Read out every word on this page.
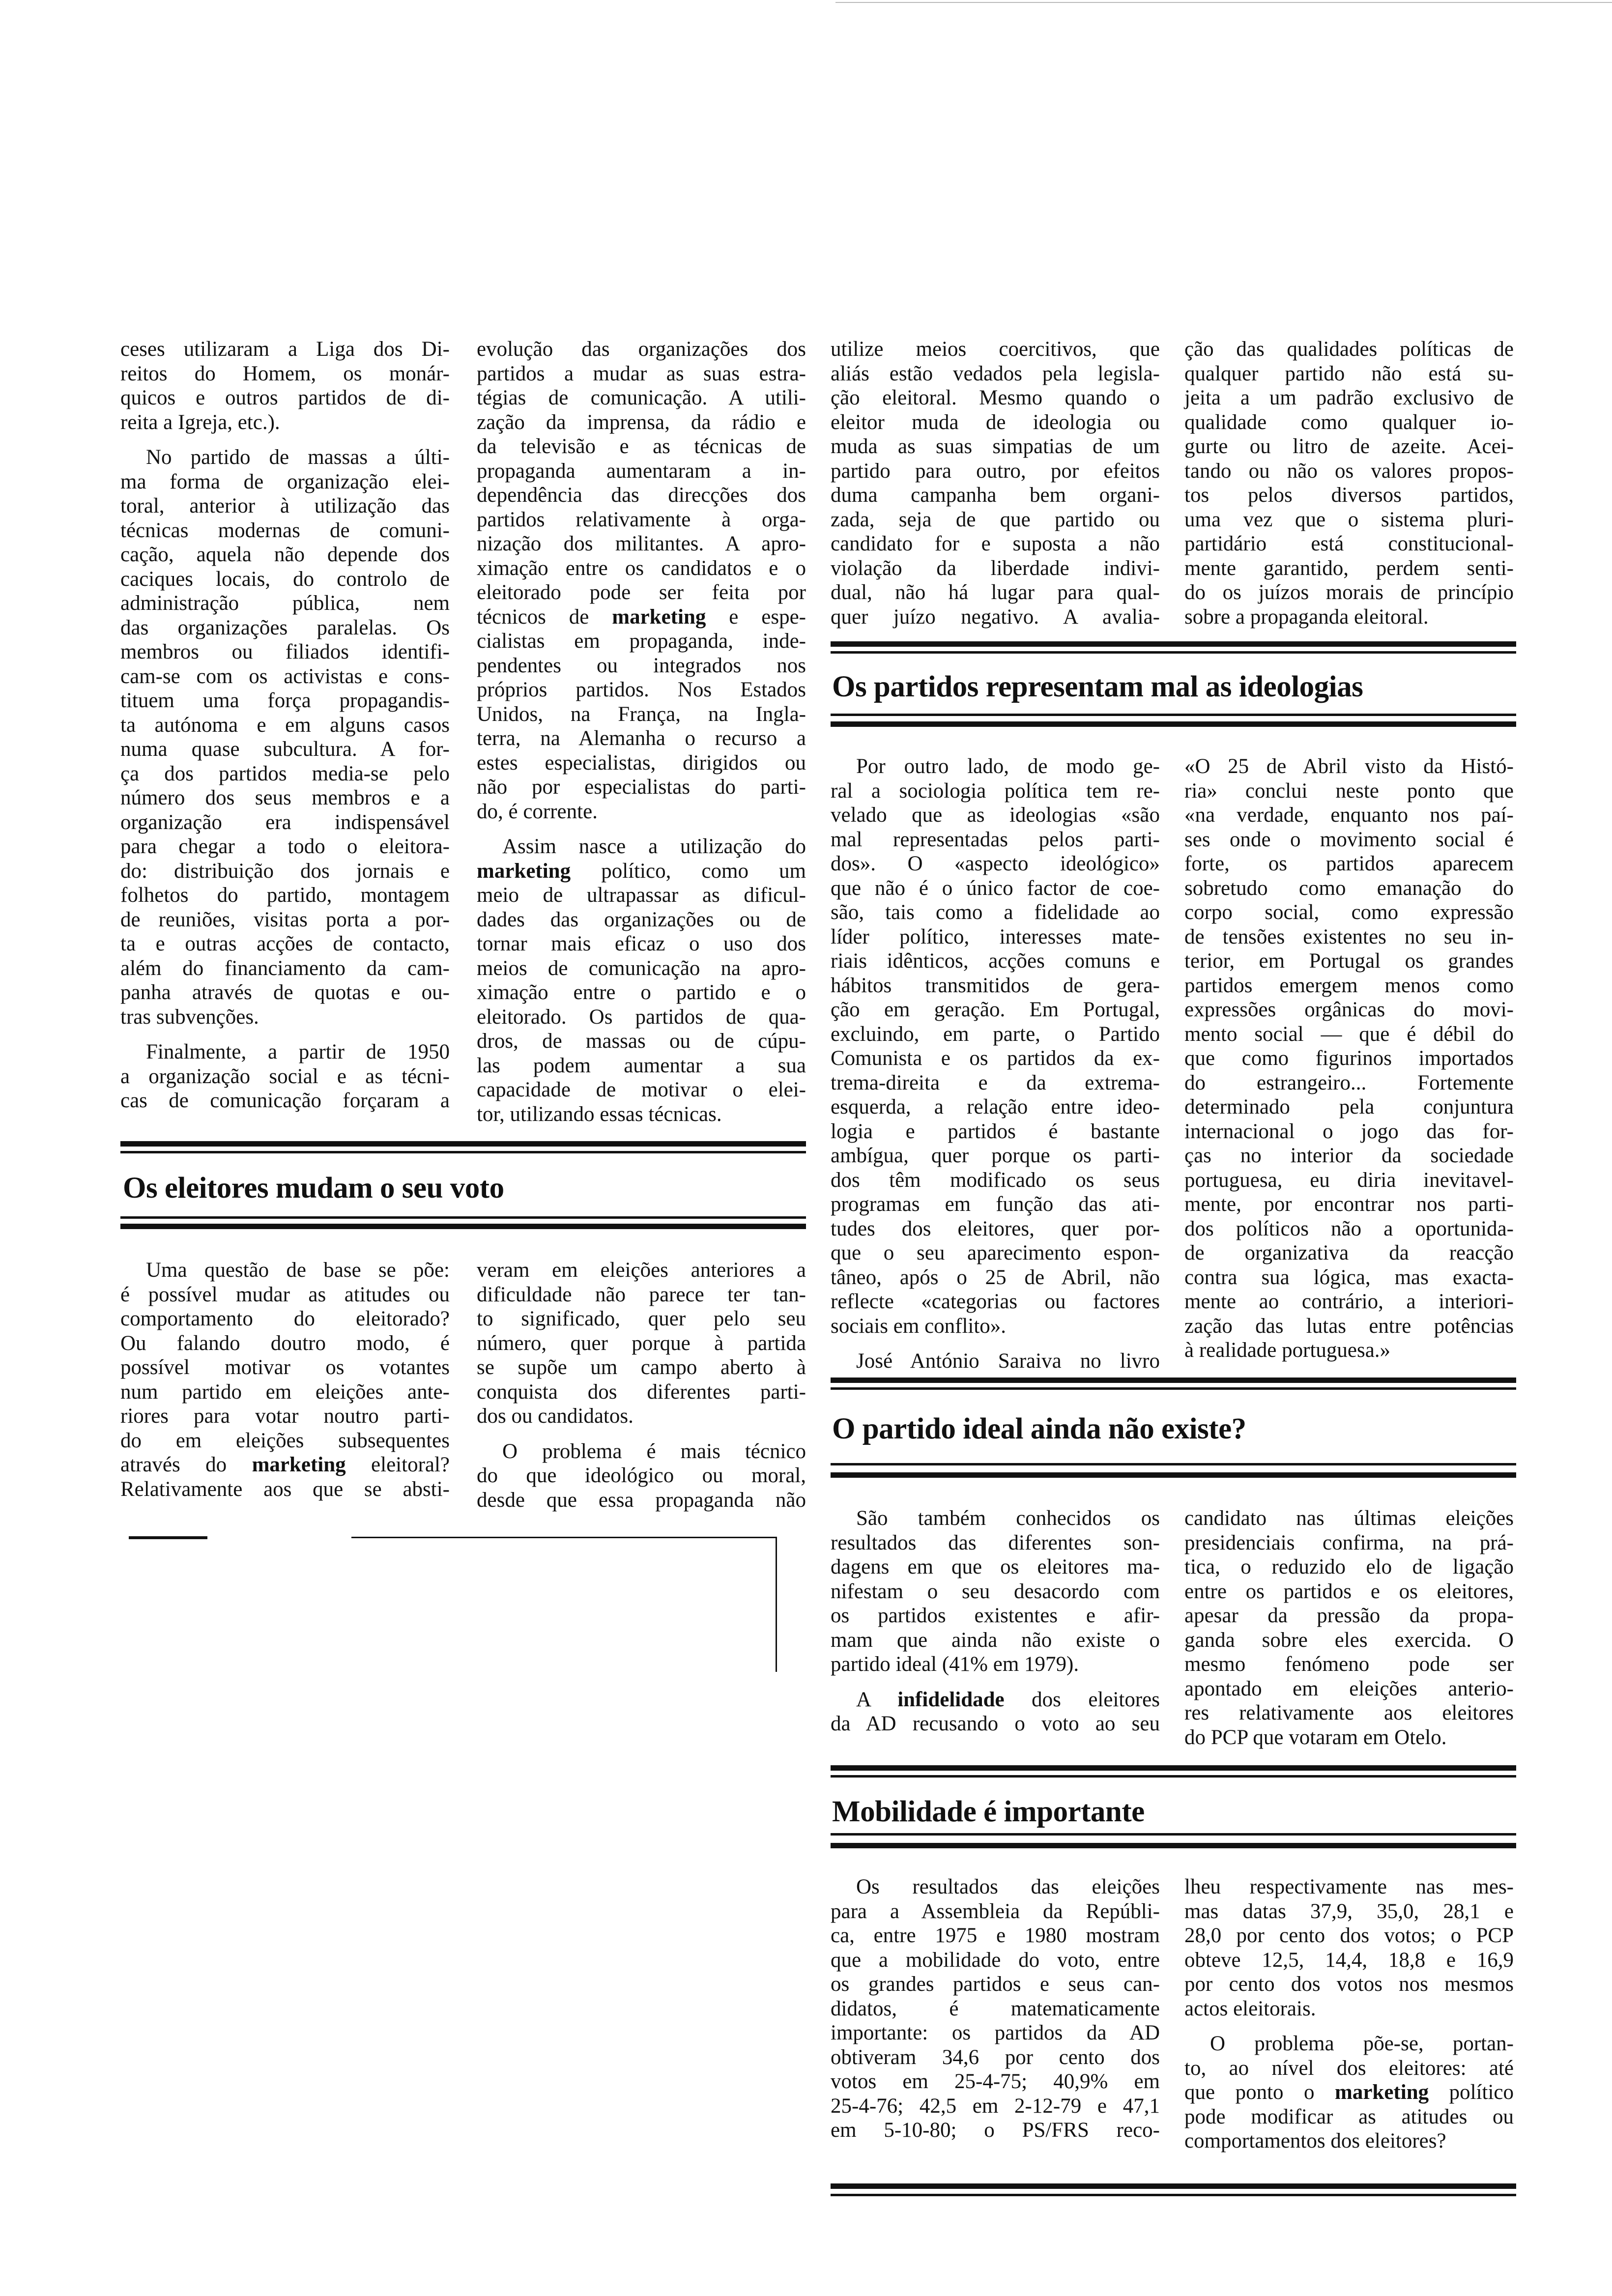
ceses utilizaram a Liga dos Di-
reitos do Homem, os monár-
quicos e outros partidos de di-
reita a Igreja, etc.).
No partido de massas a últi-
ma forma de organização elei-
toral, anterior à utilização das
técnicas modernas de comuni-
cação, aquela não depende dos
caciques locais, do controlo de
administração pública, nem
das organizações paralelas. Os
membros ou filiados identifi-
cam-se com os activistas e cons-
tituem uma força propagandis-
ta autónoma e em alguns casos
numa quase subcultura. A for-
ça dos partidos media-se pelo
número dos seus membros e a
organização era indispensável
para chegar a todo o eleitora-
do: distribuição dos jornais e
folhetos do partido, montagem
de reuniões, visitas porta a por-
ta e outras acções de contacto,
além do financiamento da cam-
panha através de quotas e ou-
tras subvenções.
Finalmente, a partir de 1950
a organização social e as técni-
cas de comunicação forçaram a
evolução das organizações dos
partidos a mudar as suas estra-
tégias de comunicação. A utili-
zação da imprensa, da rádio e
da televisão e as técnicas de
propaganda aumentaram a in-
dependência das direcções dos
partidos relativamente à orga-
nização dos militantes. A apro-
ximação entre os candidatos e o
eleitorado pode ser feita por
técnicos de marketing e espe-
cialistas em propaganda, inde-
pendentes ou integrados nos
próprios partidos. Nos Estados
Unidos, na França, na Ingla-
terra, na Alemanha o recurso a
estes especialistas, dirigidos ou
não por especialistas do parti-
do, é corrente.
Assim nasce a utilização do
marketing político, como um
meio de ultrapassar as dificul-
dades das organizações ou de
tornar mais eficaz o uso dos
meios de comunicação na apro-
ximação entre o partido e o
eleitorado. Os partidos de qua-
dros, de massas ou de cúpu-
las podem aumentar a sua
capacidade de motivar o elei-
tor, utilizando essas técnicas.
utilize meios coercitivos, que
aliás estão vedados pela legisla-
ção eleitoral. Mesmo quando o
eleitor muda de ideologia ou
muda as suas simpatias de um
partido para outro, por efeitos
duma campanha bem organi-
zada, seja de que partido ou
candidato for e suposta a não
violação da liberdade indivi-
dual, não há lugar para qual-
quer juízo negativo. A avalia-
ção das qualidades políticas de
qualquer partido não está su-
jeita a um padrão exclusivo de
qualidade como qualquer io-
gurte ou litro de azeite. Acei-
tando ou não os valores propos-
tos pelos diversos partidos,
uma vez que o sistema pluri-
partidário está constitucional-
mente garantido, perdem senti-
do os juízos morais de princípio
sobre a propaganda eleitoral.
Os eleitores mudam o seu voto
Uma questão de base se põe:
é possível mudar as atitudes ou
comportamento do eleitorado?
Ou falando doutro modo, é
possível motivar os votantes
num partido em eleições ante-
riores para votar noutro parti-
do em eleições subsequentes
através do marketing eleitoral?
Relativamente aos que se absti-
veram em eleições anteriores a
dificuldade não parece ter tan-
to significado, quer pelo seu
número, quer porque à partida
se supõe um campo aberto à
conquista dos diferentes parti-
dos ou candidatos.
O problema é mais técnico
do que ideológico ou moral,
desde que essa propaganda não
Os partidos representam mal as ideologias
Por outro lado, de modo ge-
ral a sociologia política tem re-
velado que as ideologias «são
mal representadas pelos parti-
dos». O «aspecto ideológico»
que não é o único factor de coe-
são, tais como a fidelidade ao
líder político, interesses mate-
riais idênticos, acções comuns e
hábitos transmitidos de gera-
ção em geração. Em Portugal,
excluindo, em parte, o Partido
Comunista e os partidos da ex-
trema-direita e da extrema-
esquerda, a relação entre ideo-
logia e partidos é bastante
ambígua, quer porque os parti-
dos têm modificado os seus
programas em função das ati-
tudes dos eleitores, quer por-
que o seu aparecimento espon-
tâneo, após o 25 de Abril, não
reflecte «categorias ou factores
sociais em conflito».
José António Saraiva no livro
«O 25 de Abril visto da Histó-
ria» conclui neste ponto que
«na verdade, enquanto nos paí-
ses onde o movimento social é
forte, os partidos aparecem
sobretudo como emanação do
corpo social, como expressão
de tensões existentes no seu in-
terior, em Portugal os grandes
partidos emergem menos como
expressões orgânicas do movi-
mento social — que é débil do
que como figurinos importados
do estrangeiro... Fortemente
determinado pela conjuntura
internacional o jogo das for-
ças no interior da sociedade
portuguesa, eu diria inevitavel-
mente, por encontrar nos parti-
dos políticos não a oportunida-
de organizativa da reacção
contra sua lógica, mas exacta-
mente ao contrário, a interiori-
zação das lutas entre potências
à realidade portuguesa.»
O partido ideal ainda não existe?
São também conhecidos os
resultados das diferentes son-
dagens em que os eleitores ma-
nifestam o seu desacordo com
os partidos existentes e afir-
mam que ainda não existe o
partido ideal (41% em 1979).
A infidelidade dos eleitores
da AD recusando o voto ao seu
candidato nas últimas eleições
presidenciais confirma, na prá-
tica, o reduzido elo de ligação
entre os partidos e os eleitores,
apesar da pressão da propa-
ganda sobre eles exercida. O
mesmo fenómeno pode ser
apontado em eleições anterio-
res relativamente aos eleitores
do PCP que votaram em Otelo.
Mobilidade é importante
Os resultados das eleições
para a Assembleia da Repúbli-
ca, entre 1975 e 1980 mostram
que a mobilidade do voto, entre
os grandes partidos e seus can-
didatos, é matematicamente
importante: os partidos da AD
obtiveram 34,6 por cento dos
votos em 25-4-75; 40,9% em
25-4-76; 42,5 em 2-12-79 e 47,1
em 5-10-80; o PS/FRS reco-
lheu respectivamente nas mes-
mas datas 37,9, 35,0, 28,1 e
28,0 por cento dos votos; o PCP
obteve 12,5, 14,4, 18,8 e 16,9
por cento dos votos nos mesmos
actos eleitorais.
O problema põe-se, portan-
to, ao nível dos eleitores: até
que ponto o marketing político
pode modificar as atitudes ou
comportamentos dos eleitores?
